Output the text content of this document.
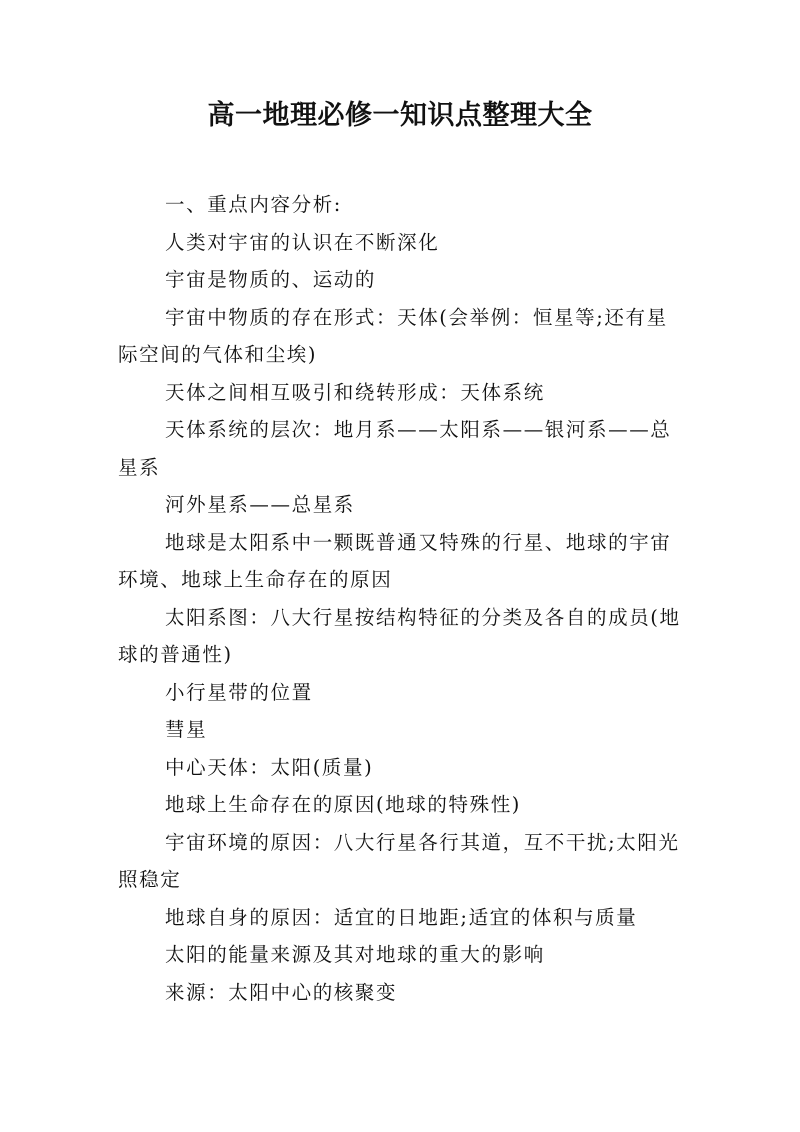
高一地理必修一知识点整理大全

一、重点内容分析:

人类对宇宙的认识在不断深化

宇宙是物质的、运动的

宇宙中物质的存在形式：天体(会举例：恒星等;还有星际空间的气体和尘埃)

天体之间相互吸引和绕转形成：天体系统

天体系统的层次：地月系——太阳系——银河系——总星系

河外星系——总星系

地球是太阳系中一颗既普通又特殊的行星、地球的宇宙环境、地球上生命存在的原因

太阳系图：八大行星按结构特征的分类及各自的成员(地球的普通性)

小行星带的位置

彗星

中心天体：太阳(质量)

地球上生命存在的原因(地球的特殊性)

宇宙环境的原因：八大行星各行其道，互不干扰;太阳光照稳定

地球自身的原因：适宜的日地距;适宜的体积与质量

太阳的能量来源及其对地球的重大的影响

来源：太阳中心的核聚变
